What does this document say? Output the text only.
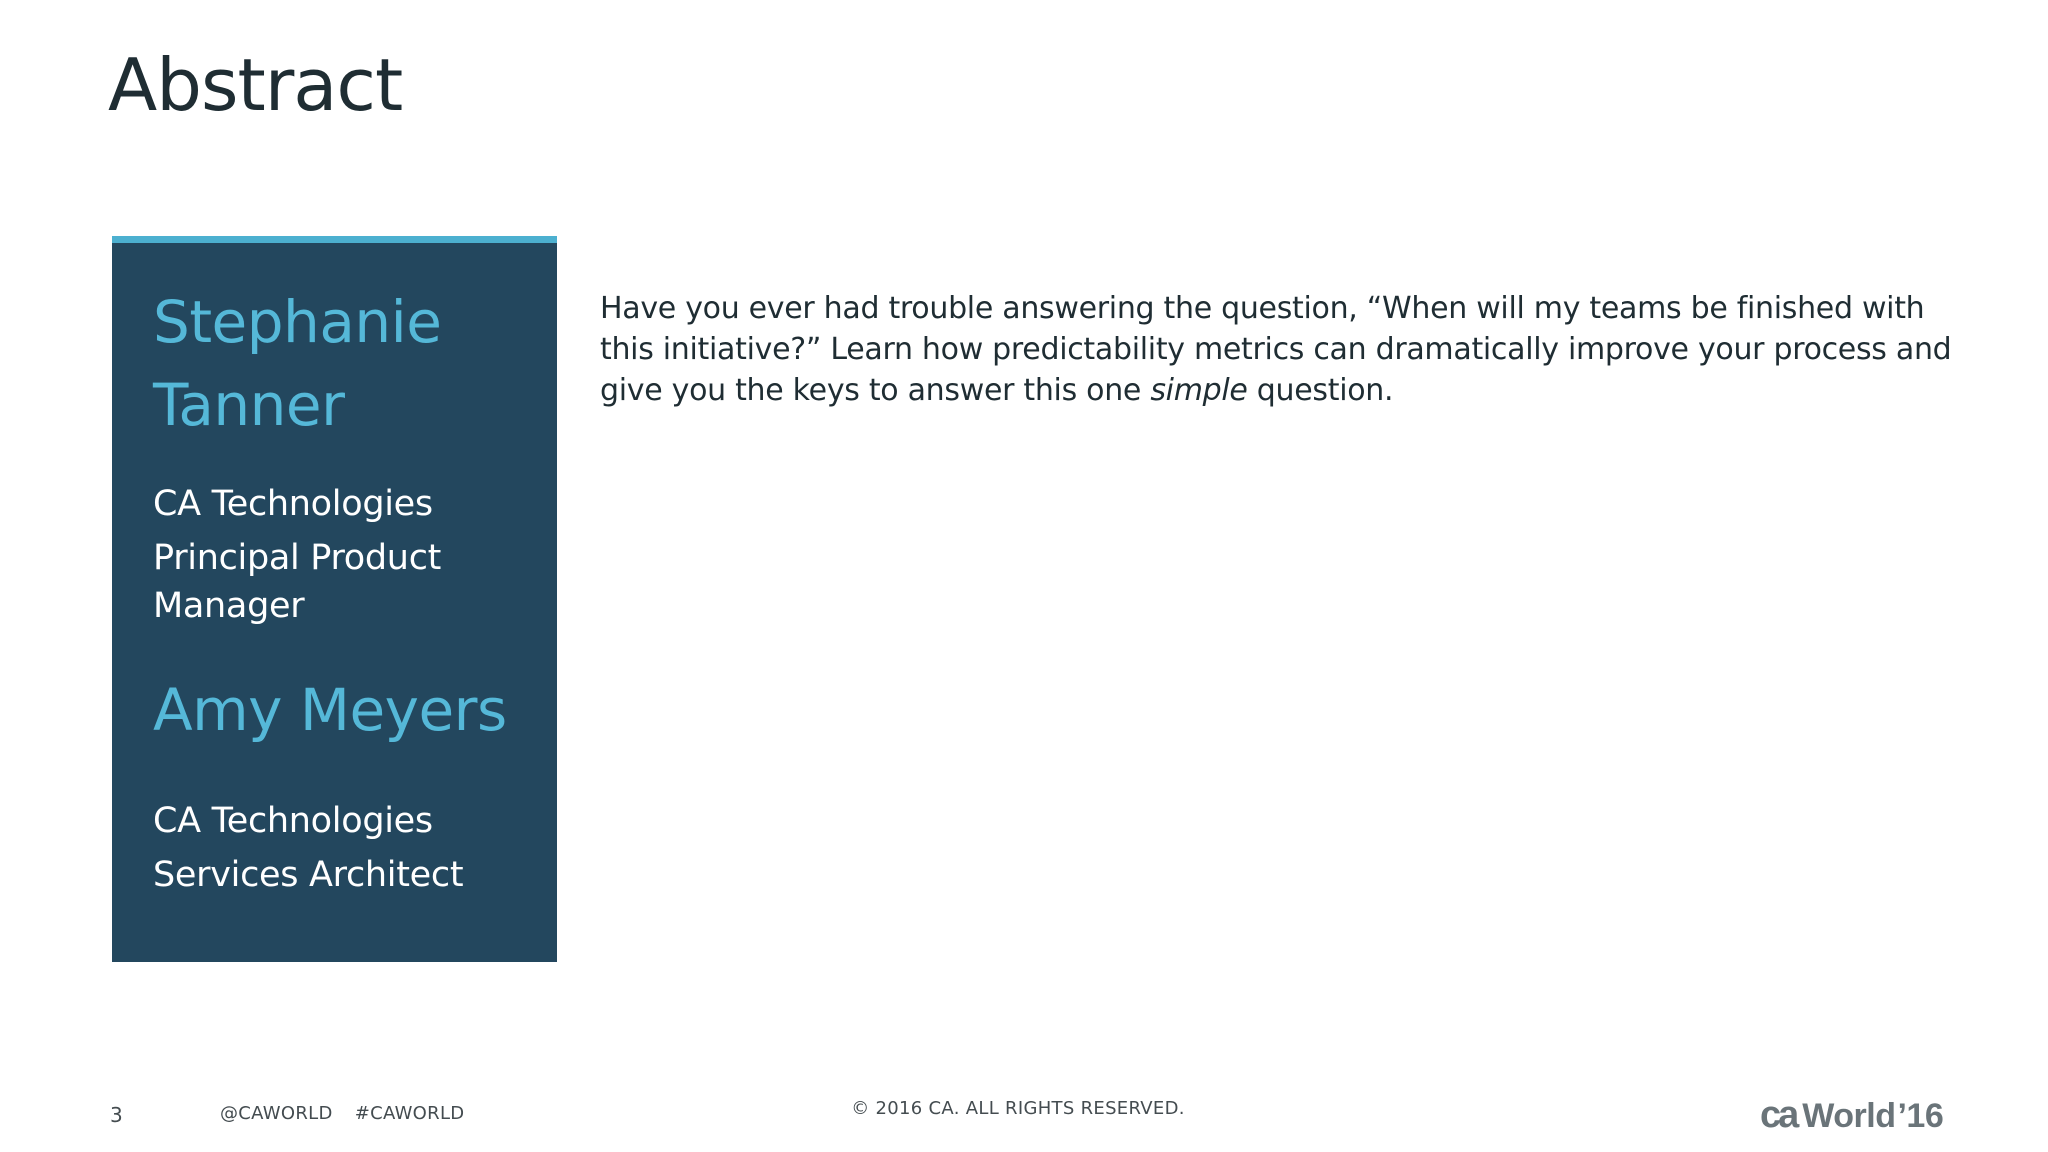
Abstract
Stephanie Tanner
CA Technologies
Principal Product Manager
Amy Meyers
CA Technologies
Services Architect

Have you ever had trouble answering the question, “When will my teams be finished with this initiative?” Learn how predictability metrics can dramatically improve your process and give you the keys to answer this one simple question.

3	@CAWORLD #CAWORLD	© 2016 CA. ALL RIGHTS RESERVED.	ca World’16
